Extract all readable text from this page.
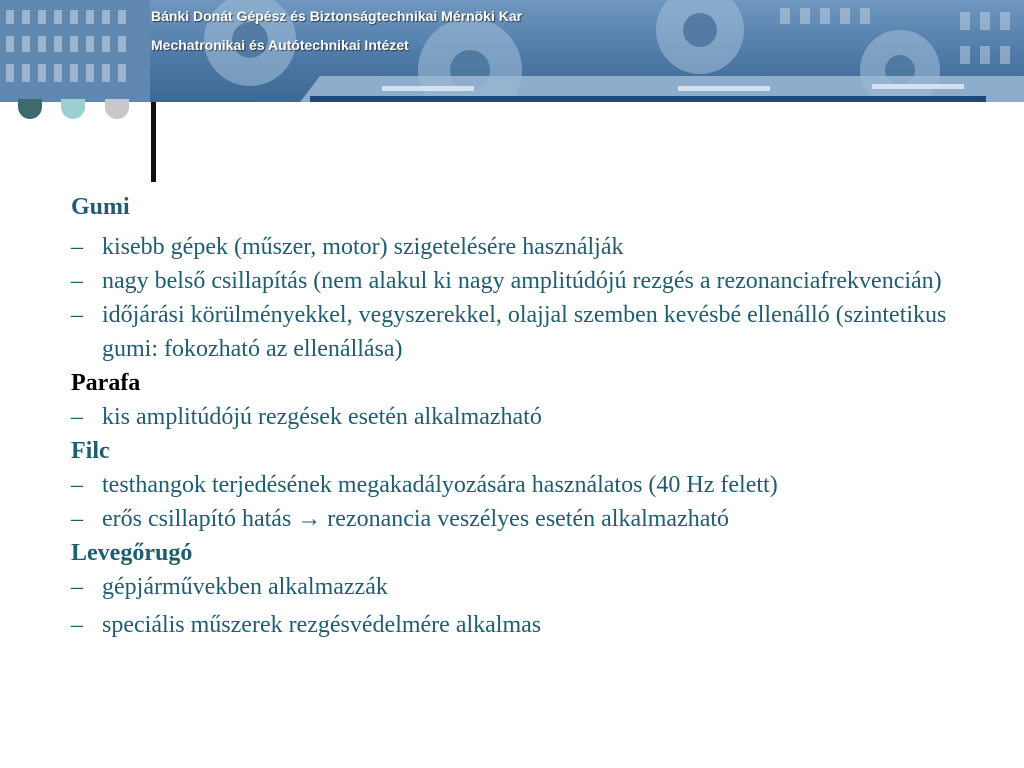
Bánki Donát Gépész és Biztonságtechnikai Mérnöki Kar
Mechatronikai és Autótechnikai Intézet
Gumi
– kisebb gépek (műszer, motor) szigetelésére használják
– nagy belső csillapítás (nem alakul ki nagy amplitúdójú rezgés a rezonanciafrekvencián)
– időjárási körülményekkel, vegyszerekkel, olajjal szemben kevésbé ellenálló (szintetikus gumi: fokozható az ellenállása)
Parafa
– kis amplitúdójú rezgések esetén alkalmazható
Filc
– testhangok terjedésének megakadályozására használatos (40 Hz felett)
– erős csillapító hatás → rezonancia veszélyes esetén alkalmazható
Levegőrugó
– gépjárművekben alkalmazzák
– speciális műszerek rezgésvédelmére alkalmas
